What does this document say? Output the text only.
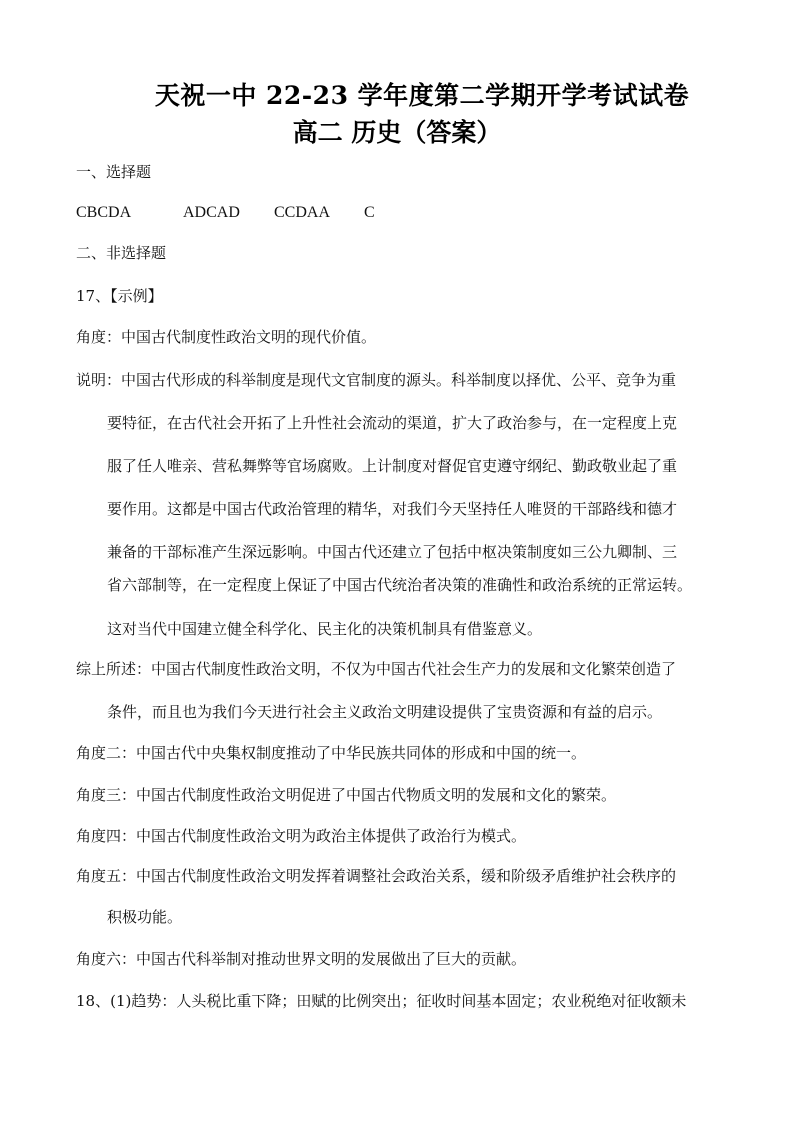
天祝一中 22-23 学年度第二学期开学考试试卷
高二 历史（答案）
一、选择题
CBCDA	ADCAD CCDAA C
二、非选择题
17、【示例】
角度：中国古代制度性政治文明的现代价值。
说明：中国古代形成的科举制度是现代文官制度的源头。科举制度以择优、公平、竞争为重
要特征，在古代社会开拓了上升性社会流动的渠道，扩大了政治参与，在一定程度上克
服了任人唯亲、营私舞弊等官场腐败。上计制度对督促官吏遵守纲纪、勤政敬业起了重
要作用。这都是中国古代政治管理的精华，对我们今天坚持任人唯贤的干部路线和德才
兼备的干部标准产生深远影响。中国古代还建立了包括中枢决策制度如三公九卿制、三
省六部制等，在一定程度上保证了中国古代统治者决策的准确性和政治系统的正常运转。
这对当代中国建立健全科学化、民主化的决策机制具有借鉴意义。
综上所述：中国古代制度性政治文明，不仅为中国古代社会生产力的发展和文化繁荣创造了
条件，而且也为我们今天进行社会主义政治文明建设提供了宝贵资源和有益的启示。
角度二：中国古代中央集权制度推动了中华民族共同体的形成和中国的统一。
角度三：中国古代制度性政治文明促进了中国古代物质文明的发展和文化的繁荣。
角度四：中国古代制度性政治文明为政治主体提供了政治行为模式。
角度五：中国古代制度性政治文明发挥着调整社会政治关系，缓和阶级矛盾维护社会秩序的
积极功能。
角度六：中国古代科举制对推动世界文明的发展做出了巨大的贡献。
18、(1)趋势：人头税比重下降；田赋的比例突出；征收时间基本固定；农业税绝对征收额未
